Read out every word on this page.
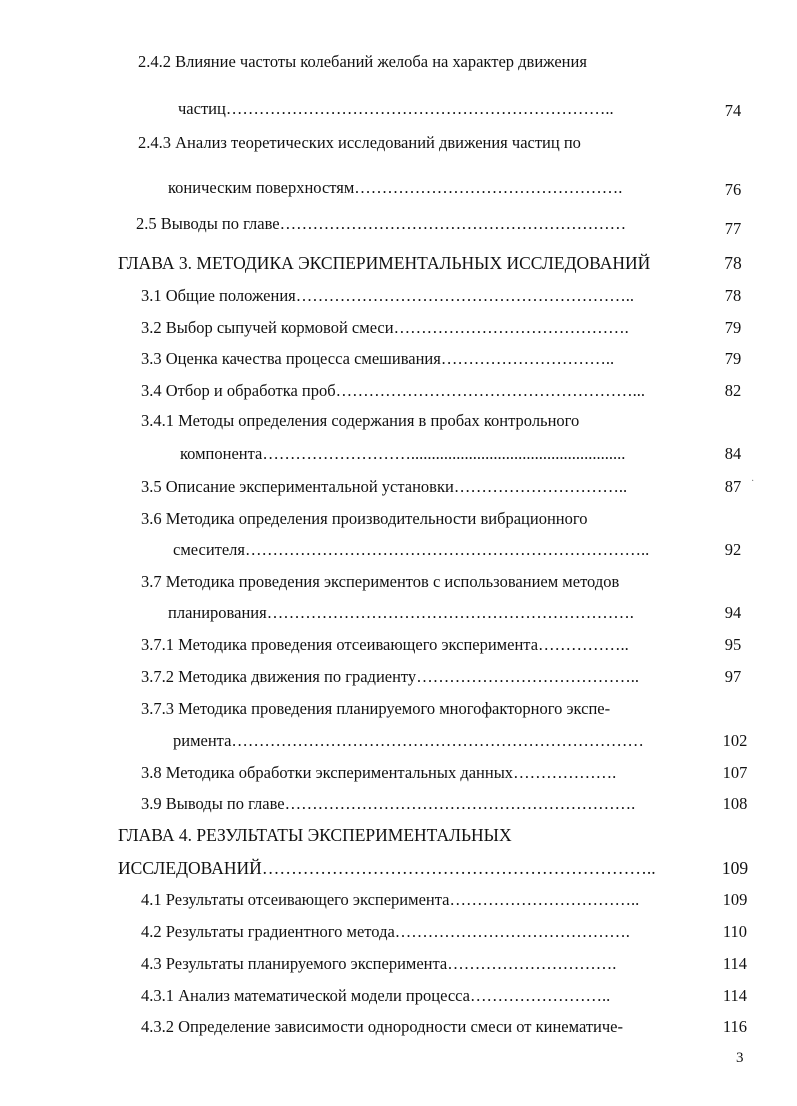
2.4.2 Влияние частоты колебаний желоба на характер движения
частиц……………………………………………………………..	74
2.4.3 Анализ теоретических исследований движения частиц по
коническим поверхностям………………………………………….	76
2.5 Выводы по главе………………………………………………………	77
ГЛАВА 3. МЕТОДИКА ЭКСПЕРИМЕНТАЛЬНЫХ ИССЛЕДОВАНИЙ	78
3.1 Общие положения……………………………………………………..	78
3.2 Выбор сыпучей кормовой смеси…………………………………….	79
3.3 Оценка качества процесса смешивания…………………………..	79
3.4 Отбор и обработка проб………………………………………………...	82
3.4.1 Методы определения содержания в пробах контрольного
компонента………………………....................................................	84
3.5 Описание экспериментальной установки…………………………..	87 ·
3.6 Методика определения производительности вибрационного
смесителя………………………………………………………………..	92
3.7 Методика проведения экспериментов с использованием методов
планирования………………………………………………………….	94
3.7.1 Методика проведения отсеивающего эксперимента……………..	95
3.7.2 Методика движения по градиенту…………………………………..	97
3.7.3 Методика проведения планируемого многофакторного экспе-
римента…………………………………………………………………	102
3.8 Методика обработки экспериментальных данных……………….	107
3.9 Выводы по главе……………………………………………………….	108
ГЛАВА 4. РЕЗУЛЬТАТЫ ЭКСПЕРИМЕНТАЛЬНЫХ
ИССЛЕДОВАНИЙ…………………………………………………………..	109
4.1 Результаты отсеивающего эксперимента……………………………..	109
4.2 Результаты градиентного метода…………………………………….	110
4.3 Результаты планируемого эксперимента………………………….	114
4.3.1 Анализ математической модели процесса……………………..	114
4.3.2 Определение зависимости однородности смеси от кинематиче-	116
3
